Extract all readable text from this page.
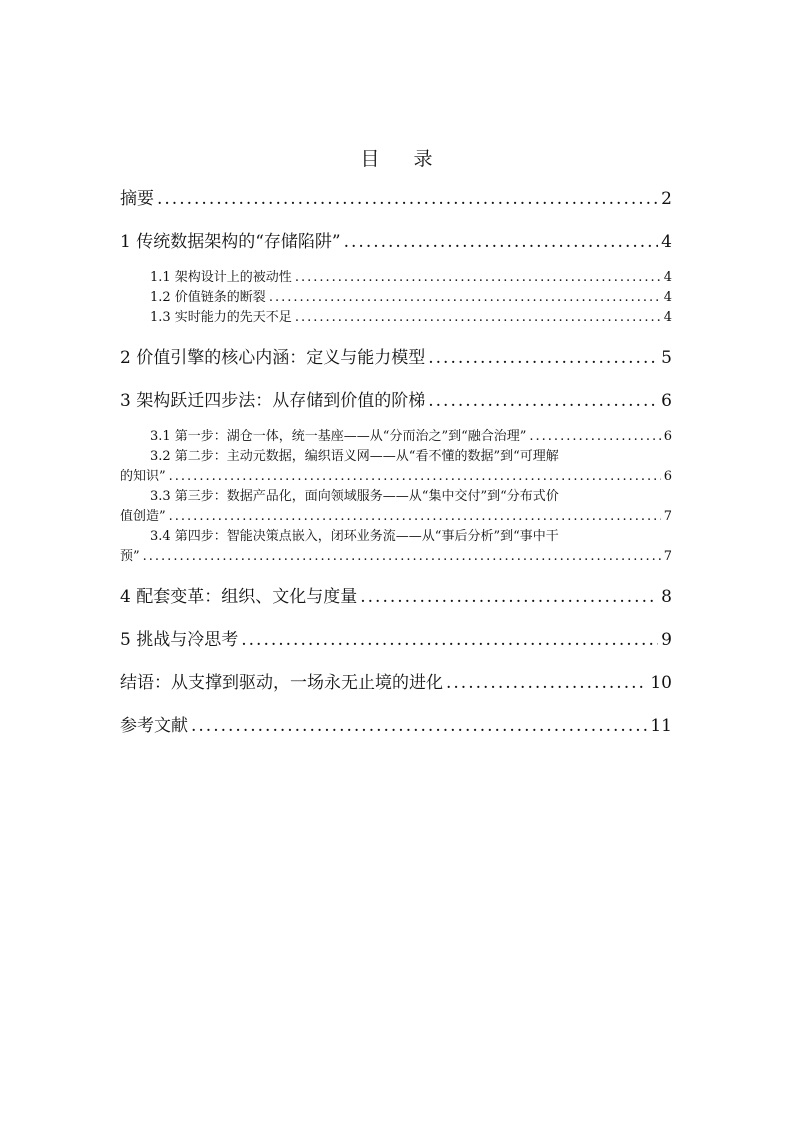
目 录
摘要 .....	2
1 传统数据架构的“存储陷阱” .....	4
1.1 架构设计上的被动性 .....	4
1.2 价值链条的断裂 .....	4
1.3 实时能力的先天不足 .....	4
2 价值引擎的核心内涵：定义与能力模型 .....	5
3 架构跃迁四步法：从存储到价值的阶梯 .....	6
3.1 第一步：湖仓一体，统一基座——从“分而治之”到“融合治理” .....	6
3.2 第二步：主动元数据，编织语义网——从“看不懂的数据”到“可理解
的知识” .....	6
3.3 第三步：数据产品化，面向领域服务——从“集中交付”到“分布式价
值创造” .....	7
3.4 第四步：智能决策点嵌入，闭环业务流——从“事后分析”到“事中干
预” .....	7
4 配套变革：组织、文化与度量 .....	8
5 挑战与冷思考 .....	9
结语：从支撑到驱动，一场永无止境的进化 .....	10
参考文献 .....	11
